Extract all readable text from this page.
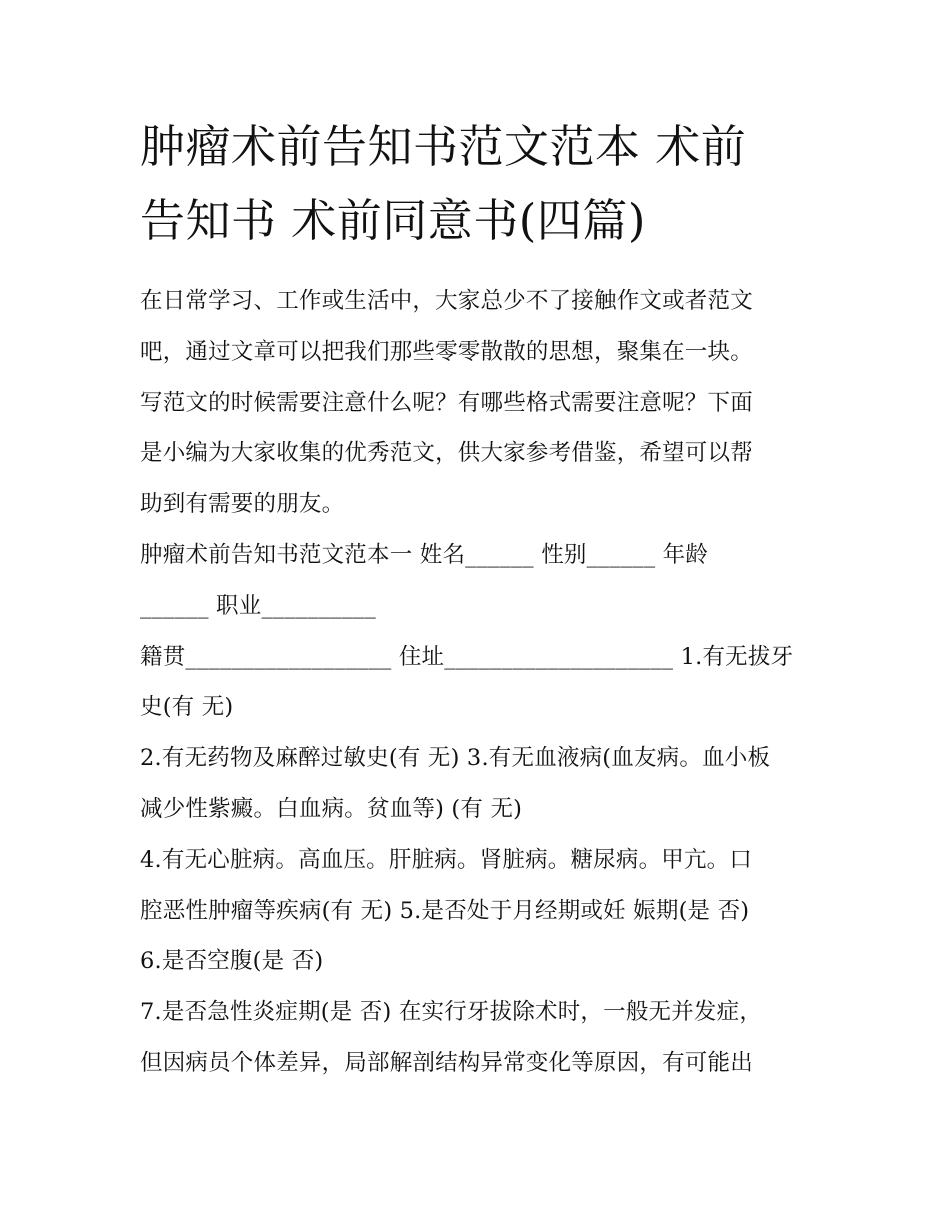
肿瘤术前告知书范文范本 术前
告知书 术前同意书(四篇)
在日常学习、工作或生活中，大家总少不了接触作文或者范文
吧，通过文章可以把我们那些零零散散的思想，聚集在一块。
写范文的时候需要注意什么呢？有哪些格式需要注意呢？下面
是小编为大家收集的优秀范文，供大家参考借鉴，希望可以帮
助到有需要的朋友。
肿瘤术前告知书范文范本一 姓名______ 性别______ 年龄
______ 职业__________
籍贯__________________ 住址____________________ 1.有无拔牙
史(有 无)
2.有无药物及麻醉过敏史(有 无) 3.有无血液病(血友病。血小板
减少性紫癜。白血病。贫血等) (有 无)
4.有无心脏病。高血压。肝脏病。肾脏病。糖尿病。甲亢。口
腔恶性肿瘤等疾病(有 无) 5.是否处于月经期或妊 娠期(是 否)
6.是否空腹(是 否)
7.是否急性炎症期(是 否) 在实行牙拔除术时，一般无并发症，
但因病员个体差异，局部解剖结构异常变化等原因，有可能出
